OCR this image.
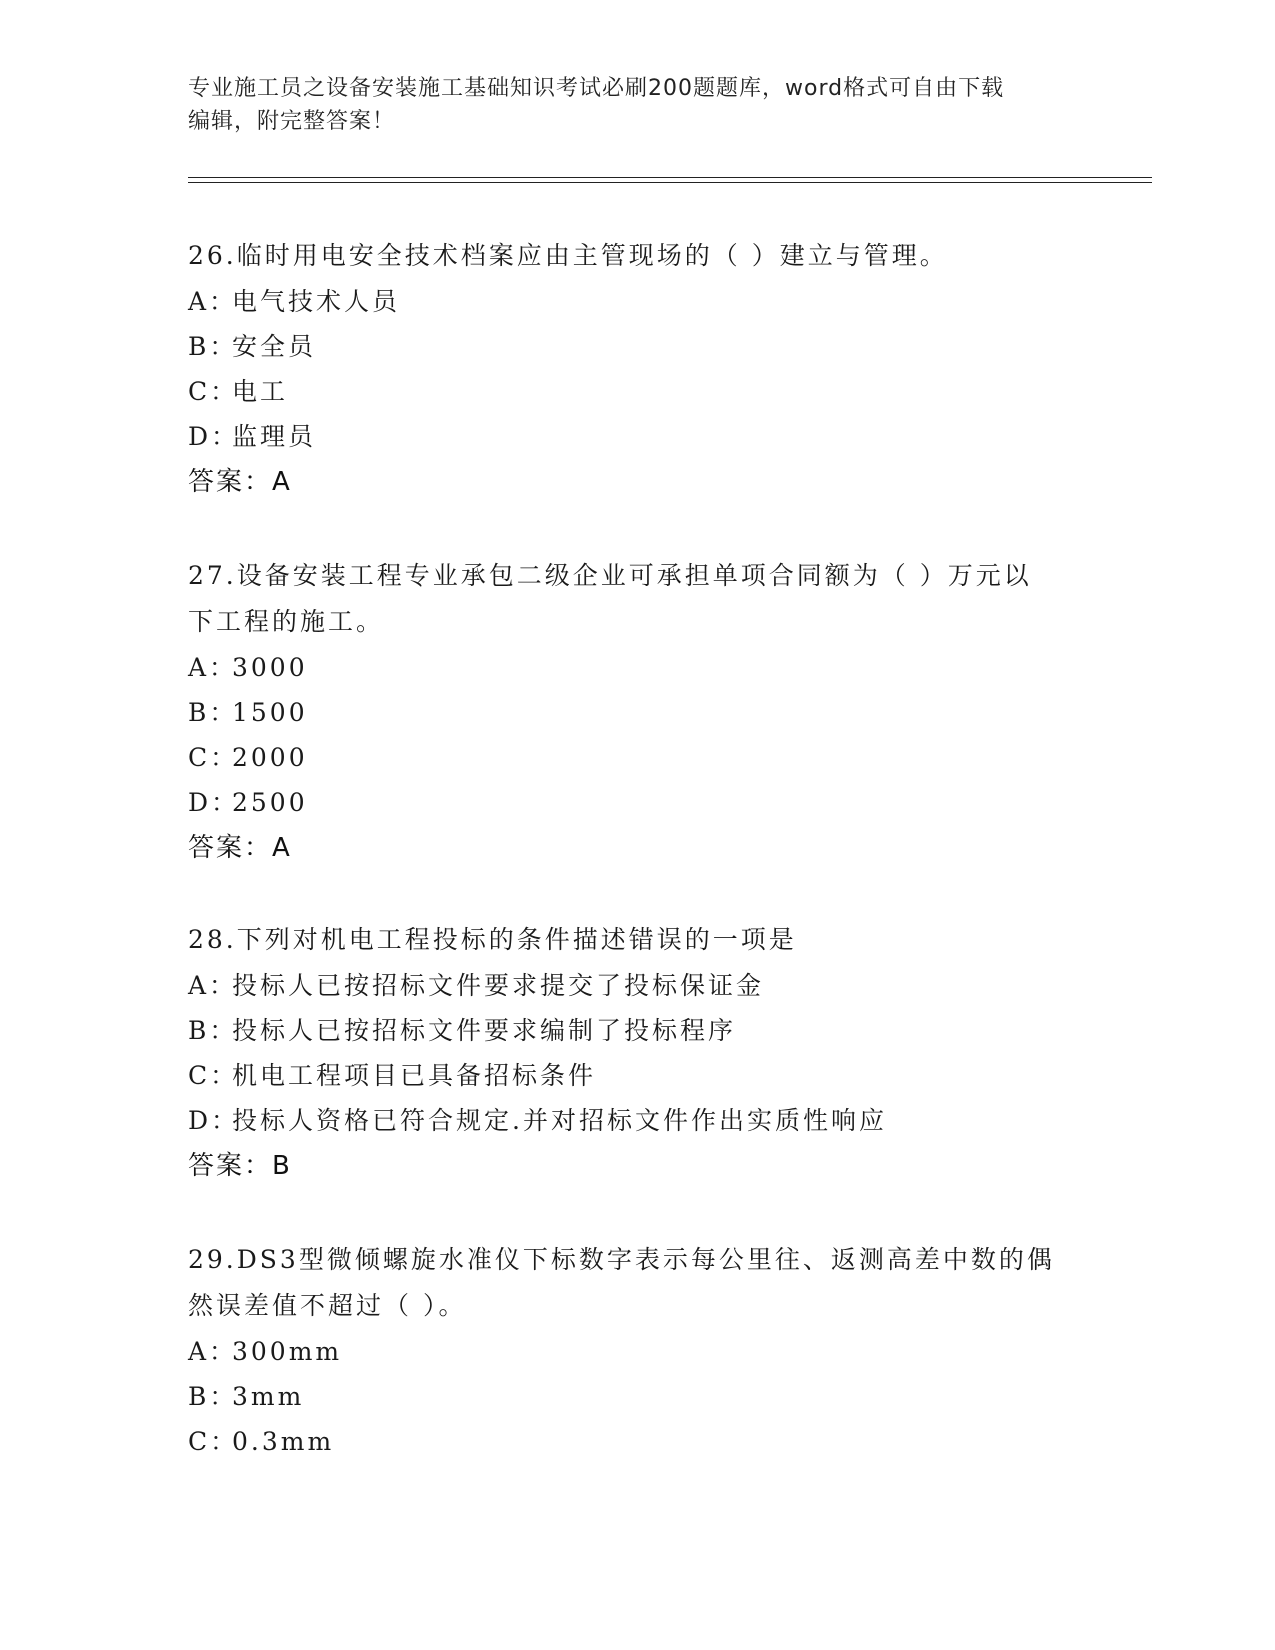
专业施工员之设备安装施工基础知识考试必刷200题题库，word格式可自由下载
编辑，附完整答案！
26.临时用电安全技术档案应由主管现场的（ ）建立与管理。
A：电气技术人员
B：安全员
C：电工
D：监理员
答案：A
27.设备安装工程专业承包二级企业可承担单项合同额为（ ）万元以
下工程的施工。
A：3000
B：1500
C：2000
D：2500
答案：A
28.下列对机电工程投标的条件描述错误的一项是
A：投标人已按招标文件要求提交了投标保证金
B：投标人已按招标文件要求编制了投标程序
C：机电工程项目已具备招标条件
D：投标人资格已符合规定.并对招标文件作出实质性响应
答案：B
29.DS3型微倾螺旋水准仪下标数字表示每公里往、返测高差中数的偶
然误差值不超过（ ）。
A：300mm
B：3mm
C：0.3mm
